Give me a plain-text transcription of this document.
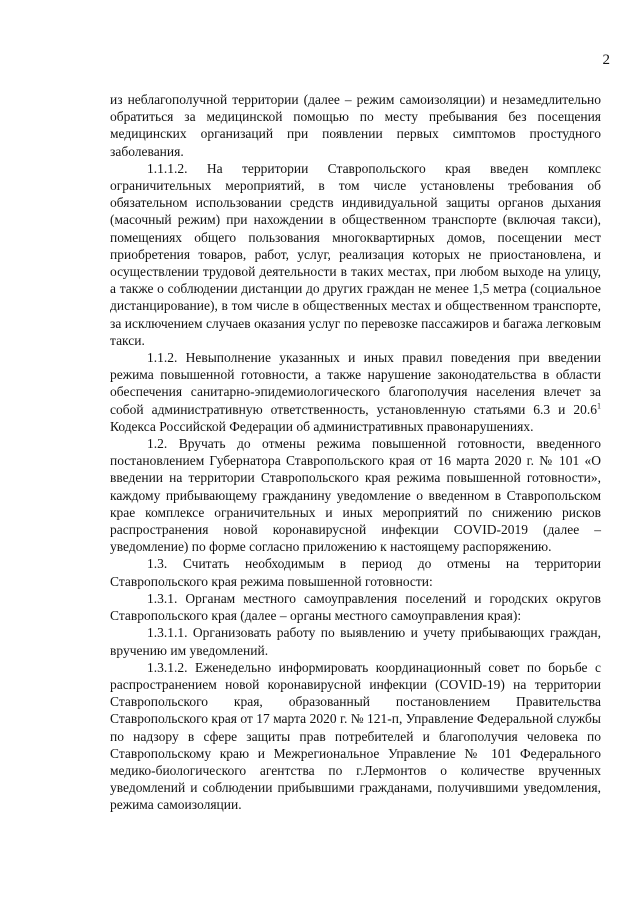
2

из неблагополучной территории (далее – режим самоизоляции) и незамедлительно обратиться за медицинской помощью по месту пребывания без посещения медицинских организаций при появлении первых симптомов простудного заболевания.

1.1.1.2. На территории Ставропольского края введен комплекс ограничительных мероприятий, в том числе установлены требования об обязательном использовании средств индивидуальной защиты органов дыхания (масочный режим) при нахождении в общественном транспорте (включая такси), помещениях общего пользования многоквартирных домов, посещении мест приобретения товаров, работ, услуг, реализация которых не приостановлена, и осуществлении трудовой деятельности в таких местах, при любом выходе на улицу, а также о соблюдении дистанции до других граждан не менее 1,5 метра (социальное дистанцирование), в том числе в общественных местах и общественном транспорте, за исключением случаев оказания услуг по перевозке пассажиров и багажа легковым такси.

1.1.2. Невыполнение указанных и иных правил поведения при введении режима повышенной готовности, а также нарушение законодательства в области обеспечения санитарно-эпидемиологического благополучия населения влечет за собой административную ответственность, установленную статьями 6.3 и 20.6$^1$ Кодекса Российской Федерации об административных правонарушениях.

1.2. Вручать до отмены режима повышенной готовности, введенного постановлением Губернатора Ставропольского края от 16 марта 2020 г. № 101 «О введении на территории Ставропольского края режима повышенной готовности», каждому прибывающему гражданину уведомление о введенном в Ставропольском крае комплексе ограничительных и иных мероприятий по снижению рисков распространения новой коронавирусной инфекции COVID-2019 (далее – уведомление) по форме согласно приложению к настоящему распоряжению.

1.3. Считать необходимым в период до отмены на территории Ставропольского края режима повышенной готовности:

1.3.1. Органам местного самоуправления поселений и городских округов Ставропольского края (далее – органы местного самоуправления края):

1.3.1.1. Организовать работу по выявлению и учету прибывающих граждан, вручению им уведомлений.

1.3.1.2. Еженедельно информировать координационный совет по борьбе с распространением новой коронавирусной инфекции (COVID-19) на территории Ставропольского края, образованный постановлением Правительства Ставропольского края от 17 марта 2020 г. № 121-п, Управление Федеральной службы по надзору в сфере защиты прав потребителей и благополучия человека по Ставропольскому краю и Межрегиональное Управление № 101 Федерального медико-биологического агентства по г.Лермонтов о количестве врученных уведомлений и соблюдении прибывшими гражданами, получившими уведомления, режима самоизоляции.
